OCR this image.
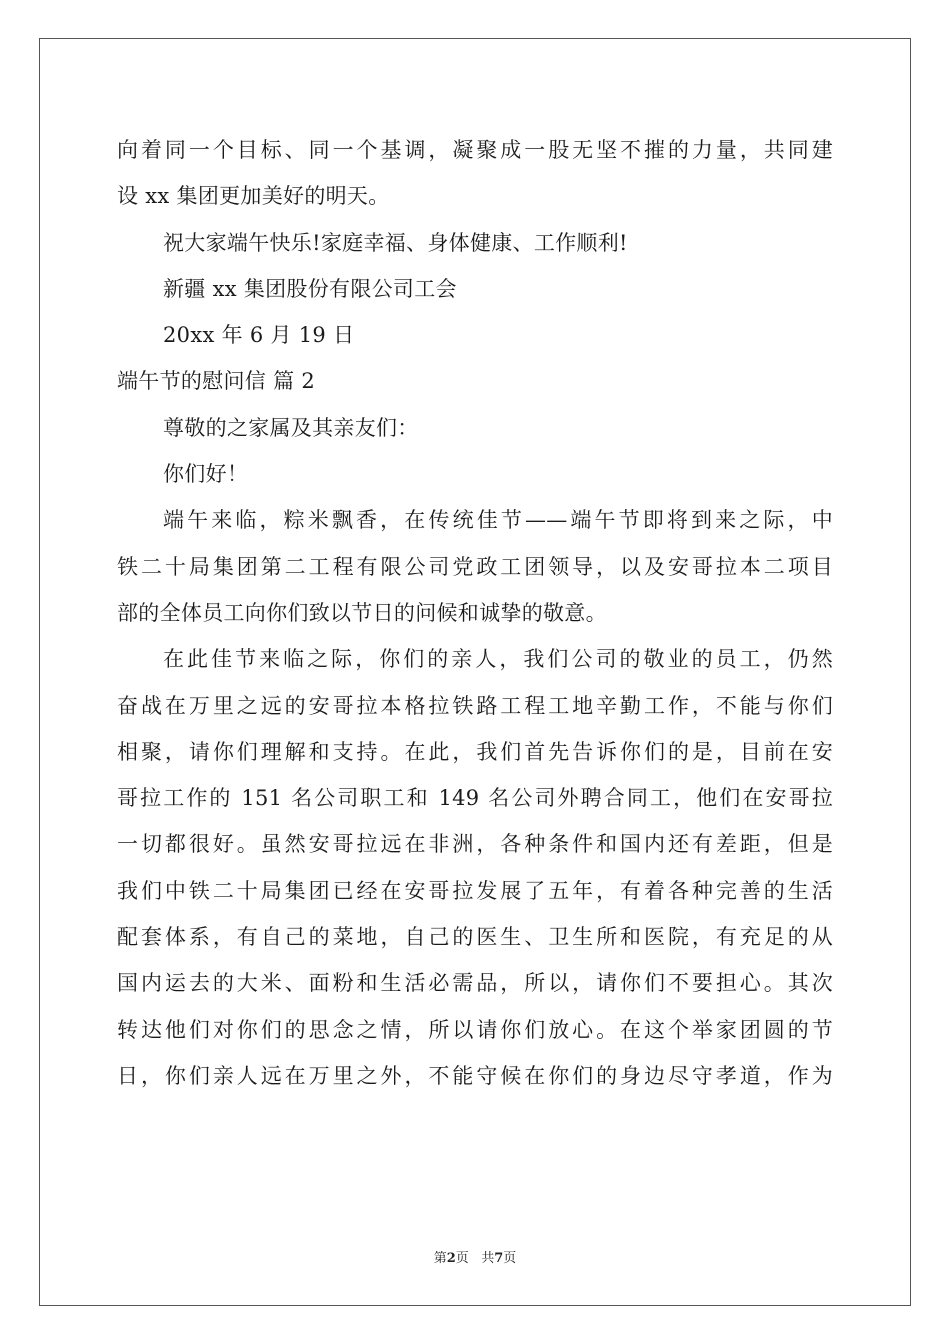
向着同一个目标、同一个基调，凝聚成一股无坚不摧的力量，共同建
设 xx 集团更加美好的明天。
祝大家端午快乐!家庭幸福、身体健康、工作顺利!
新疆 xx 集团股份有限公司工会
20xx 年 6 月 19 日
端午节的慰问信 篇 2
尊敬的之家属及其亲友们：
你们好！
端午来临，粽米飘香，在传统佳节——端午节即将到来之际，中
铁二十局集团第二工程有限公司党政工团领导，以及安哥拉本二项目
部的全体员工向你们致以节日的问候和诚挚的敬意。
在此佳节来临之际，你们的亲人，我们公司的敬业的员工，仍然
奋战在万里之远的安哥拉本格拉铁路工程工地辛勤工作，不能与你们
相聚，请你们理解和支持。在此，我们首先告诉你们的是，目前在安
哥拉工作的 151 名公司职工和 149 名公司外聘合同工，他们在安哥拉
一切都很好。虽然安哥拉远在非洲，各种条件和国内还有差距，但是
我们中铁二十局集团已经在安哥拉发展了五年，有着各种完善的生活
配套体系，有自己的菜地，自己的医生、卫生所和医院，有充足的从
国内运去的大米、面粉和生活必需品，所以，请你们不要担心。其次
转达他们对你们的思念之情，所以请你们放心。在这个举家团圆的节
日，你们亲人远在万里之外，不能守候在你们的身边尽守孝道，作为
第2页 共7页
